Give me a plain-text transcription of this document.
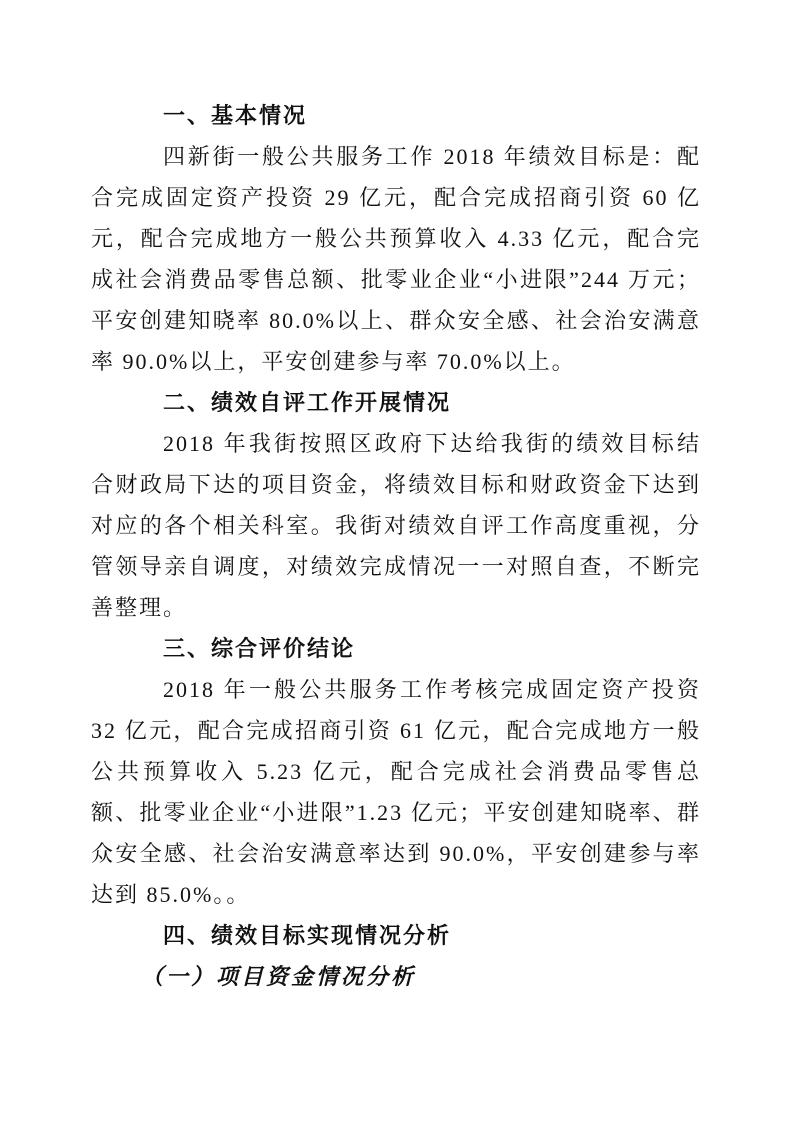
一、基本情况

四新街一般公共服务工作 2018 年绩效目标是：配合完成固定资产投资 29 亿元，配合完成招商引资 60 亿元，配合完成地方一般公共预算收入 4.33 亿元，配合完成社会消费品零售总额、批零业企业“小进限”244 万元；平安创建知晓率 80.0%以上、群众安全感、社会治安满意率 90.0%以上，平安创建参与率 70.0%以上。

二、绩效自评工作开展情况

2018 年我街按照区政府下达给我街的绩效目标结合财政局下达的项目资金，将绩效目标和财政资金下达到对应的各个相关科室。我街对绩效自评工作高度重视，分管领导亲自调度，对绩效完成情况一一对照自查，不断完善整理。

三、综合评价结论

2018 年一般公共服务工作考核完成固定资产投资 32 亿元，配合完成招商引资 61 亿元，配合完成地方一般公共预算收入 5.23 亿元，配合完成社会消费品零售总额、批零业企业“小进限”1.23 亿元；平安创建知晓率、群众安全感、社会治安满意率达到 90.0%，平安创建参与率达到 85.0%。。

四、绩效目标实现情况分析
（一）项目资金情况分析
